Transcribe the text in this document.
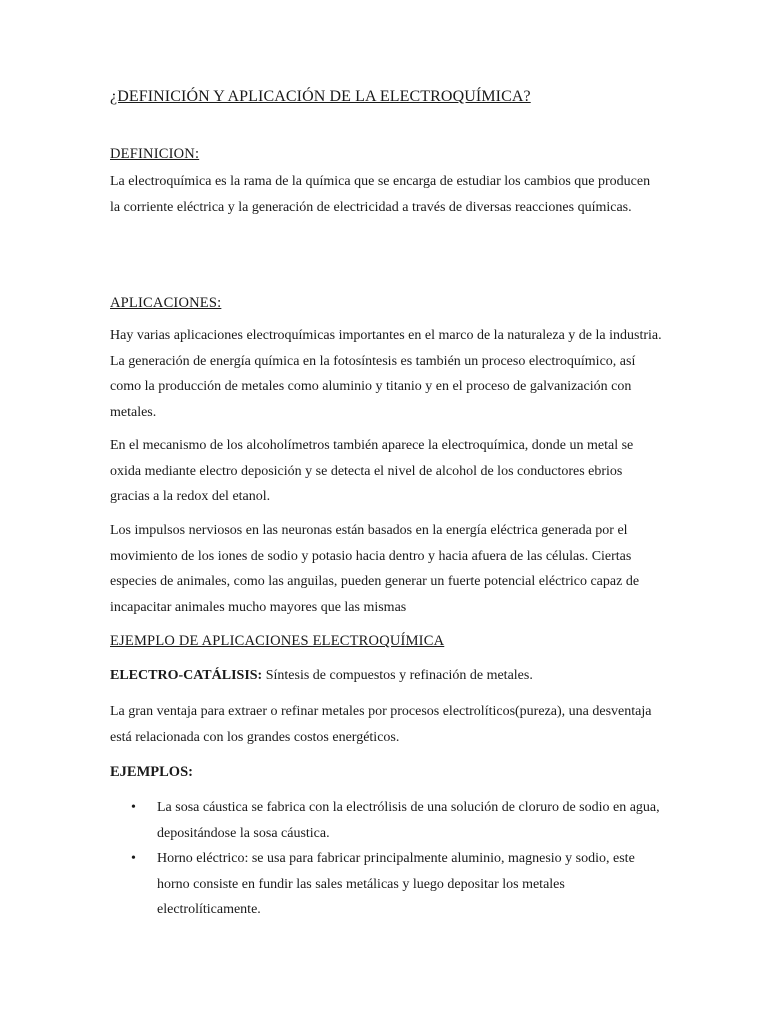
¿DEFINICIÓN Y APLICACIÓN DE LA ELECTROQUÍMICA?
DEFINICION:
La electroquímica es la rama de la química que se encarga de estudiar los cambios que producen la corriente eléctrica y la generación de electricidad a través de diversas reacciones químicas.
APLICACIONES:
Hay varias aplicaciones electroquímicas importantes en el marco de la naturaleza y de la industria. La generación de energía química en la fotosíntesis es también un proceso electroquímico, así como la producción de metales como aluminio y titanio y en el proceso de galvanización con metales.
En el mecanismo de los alcoholímetros también aparece la electroquímica, donde un metal se oxida mediante electro deposición y se detecta el nivel de alcohol de los conductores ebrios gracias a la redox del etanol.
Los impulsos nerviosos en las neuronas están basados en la energía eléctrica generada por el movimiento de los iones de sodio y potasio hacia dentro y hacia afuera de las células. Ciertas especies de animales, como las anguilas, pueden generar un fuerte potencial eléctrico capaz de incapacitar animales mucho mayores que las mismas
EJEMPLO DE APLICACIONES ELECTROQUÍMICA
ELECTRO-CATÁLISIS: Síntesis de compuestos y refinación de metales.
La gran ventaja para extraer o refinar metales por procesos electrolíticos(pureza), una desventaja está relacionada con los grandes costos energéticos.
EJEMPLOS:
• La sosa cáustica se fabrica con la electrólisis de una solución de cloruro de sodio en agua, depositándose la sosa cáustica.
• Horno eléctrico: se usa para fabricar principalmente aluminio, magnesio y sodio, este horno consiste en fundir las sales metálicas y luego depositar los metales electrolíticamente.
